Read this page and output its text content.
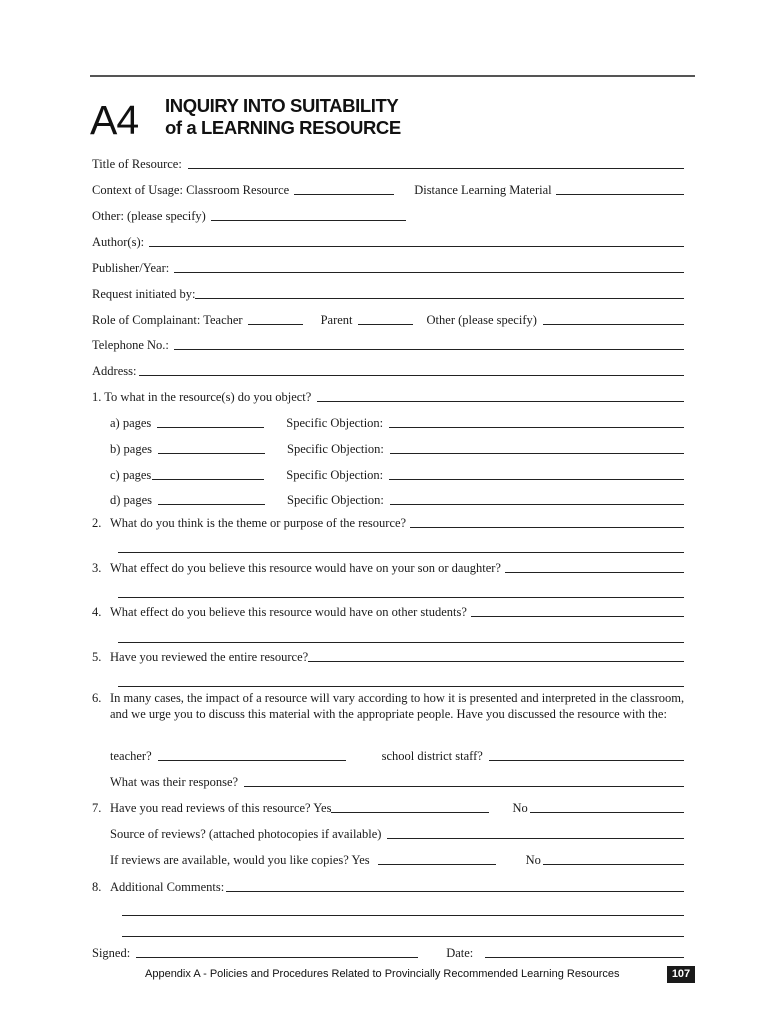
A4 INQUIRY INTO SUITABILITY
of a LEARNING RESOURCE
Title of Resource:
Context of Usage: Classroom Resource	Distance Learning Material
Other: (please specify)
Author(s):
Publisher/Year:
Request initiated by:
Role of Complainant: Teacher	Parent	Other (please specify)
Telephone No.:
Address:
1. To what in the resource(s) do you object?
a) pages	Specific Objection:
b) pages	Specific Objection:
c) pages	Specific Objection:
d) pages	Specific Objection:
2. What do you think is the theme or purpose of the resource?
3. What effect do you believe this resource would have on your son or daughter?
4. What effect do you believe this resource would have on other students?
5. Have you reviewed the entire resource?
6. In many cases, the impact of a resource will vary according to how it is presented and interpreted in the classroom, and we urge you to discuss this material with the appropriate people. Have you discussed the resource with the:
teacher?	school district staff?
What was their response?
7. Have you read reviews of this resource? Yes	No
Source of reviews? (attached photocopies if available)
If reviews are available, would you like copies? Yes	No
8. Additional Comments:
Signed:	Date:
Appendix A - Policies and Procedures Related to Provincially Recommended Learning Resources	107
